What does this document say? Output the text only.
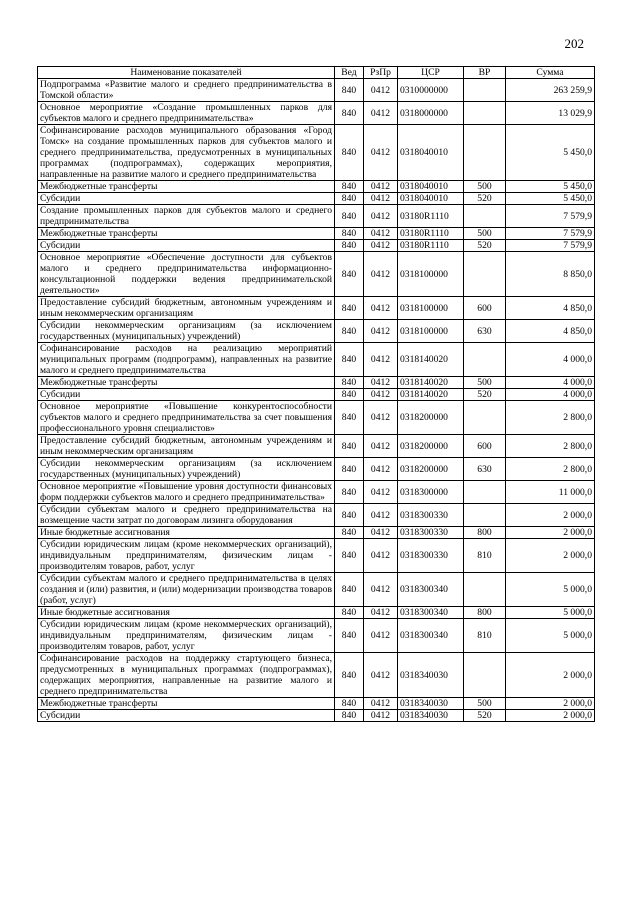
202
Наименование показателей	Вед	РзПр	ЦСР	ВР	Сумма
Подпрограмма «Развитие малого и среднего предпринимательства в Томской области»	840	0412	0310000000		263 259,9
Основное мероприятие «Создание промышленных парков для субъектов малого и среднего предпринимательства»	840	0412	0318000000		13 029,9
Софинансирование расходов муниципального образования «Город Томск» на создание промышленных парков для субъектов малого и среднего предпринимательства, предусмотренных в муниципальных программах (подпрограммах), содержащих мероприятия, направленные на развитие малого и среднего предпринимательства	840	0412	0318040010		5 450,0
Межбюджетные трансферты	840	0412	0318040010	500	5 450,0
Субсидии	840	0412	0318040010	520	5 450,0
Создание промышленных парков для субъектов малого и среднего предпринимательства	840	0412	03180R1110		7 579,9
Межбюджетные трансферты	840	0412	03180R1110	500	7 579,9
Субсидии	840	0412	03180R1110	520	7 579,9
Основное мероприятие «Обеспечение доступности для субъектов малого и среднего предпринимательства информационно-консультационной поддержки ведения предпринимательской деятельности»	840	0412	0318100000		8 850,0
Предоставление субсидий бюджетным, автономным учреждениям и иным некоммерческим организациям	840	0412	0318100000	600	4 850,0
Субсидии некоммерческим организациям (за исключением государственных (муниципальных) учреждений)	840	0412	0318100000	630	4 850,0
Софинансирование расходов на реализацию мероприятий муниципальных программ (подпрограмм), направленных на развитие малого и среднего предпринимательства	840	0412	0318140020		4 000,0
Межбюджетные трансферты	840	0412	0318140020	500	4 000,0
Субсидии	840	0412	0318140020	520	4 000,0
Основное мероприятие «Повышение конкурентоспособности субъектов малого и среднего предпринимательства за счет повышения профессионального уровня специалистов»	840	0412	0318200000		2 800,0
Предоставление субсидий бюджетным, автономным учреждениям и иным некоммерческим организациям	840	0412	0318200000	600	2 800,0
Субсидии некоммерческим организациям (за исключением государственных (муниципальных) учреждений)	840	0412	0318200000	630	2 800,0
Основное мероприятие «Повышение уровня доступности финансовых форм поддержки субъектов малого и среднего предпринимательства»	840	0412	0318300000		11 000,0
Субсидии субъектам малого и среднего предпринимательства на возмещение части затрат по договорам лизинга оборудования	840	0412	0318300330		2 000,0
Иные бюджетные ассигнования	840	0412	0318300330	800	2 000,0
Субсидии юридическим лицам (кроме некоммерческих организаций), индивидуальным предпринимателям, физическим лицам - производителям товаров, работ, услуг	840	0412	0318300330	810	2 000,0
Субсидии субъектам малого и среднего предпринимательства в целях создания и (или) развития, и (или) модернизации производства товаров (работ, услуг)	840	0412	0318300340		5 000,0
Иные бюджетные ассигнования	840	0412	0318300340	800	5 000,0
Субсидии юридическим лицам (кроме некоммерческих организаций), индивидуальным предпринимателям, физическим лицам - производителям товаров, работ, услуг	840	0412	0318300340	810	5 000,0
Софинансирование расходов на поддержку стартующего бизнеса, предусмотренных в муниципальных программах (подпрограммах), содержащих мероприятия, направленные на развитие малого и среднего предпринимательства	840	0412	0318340030		2 000,0
Межбюджетные трансферты	840	0412	0318340030	500	2 000,0
Субсидии	840	0412	0318340030	520	2 000,0
